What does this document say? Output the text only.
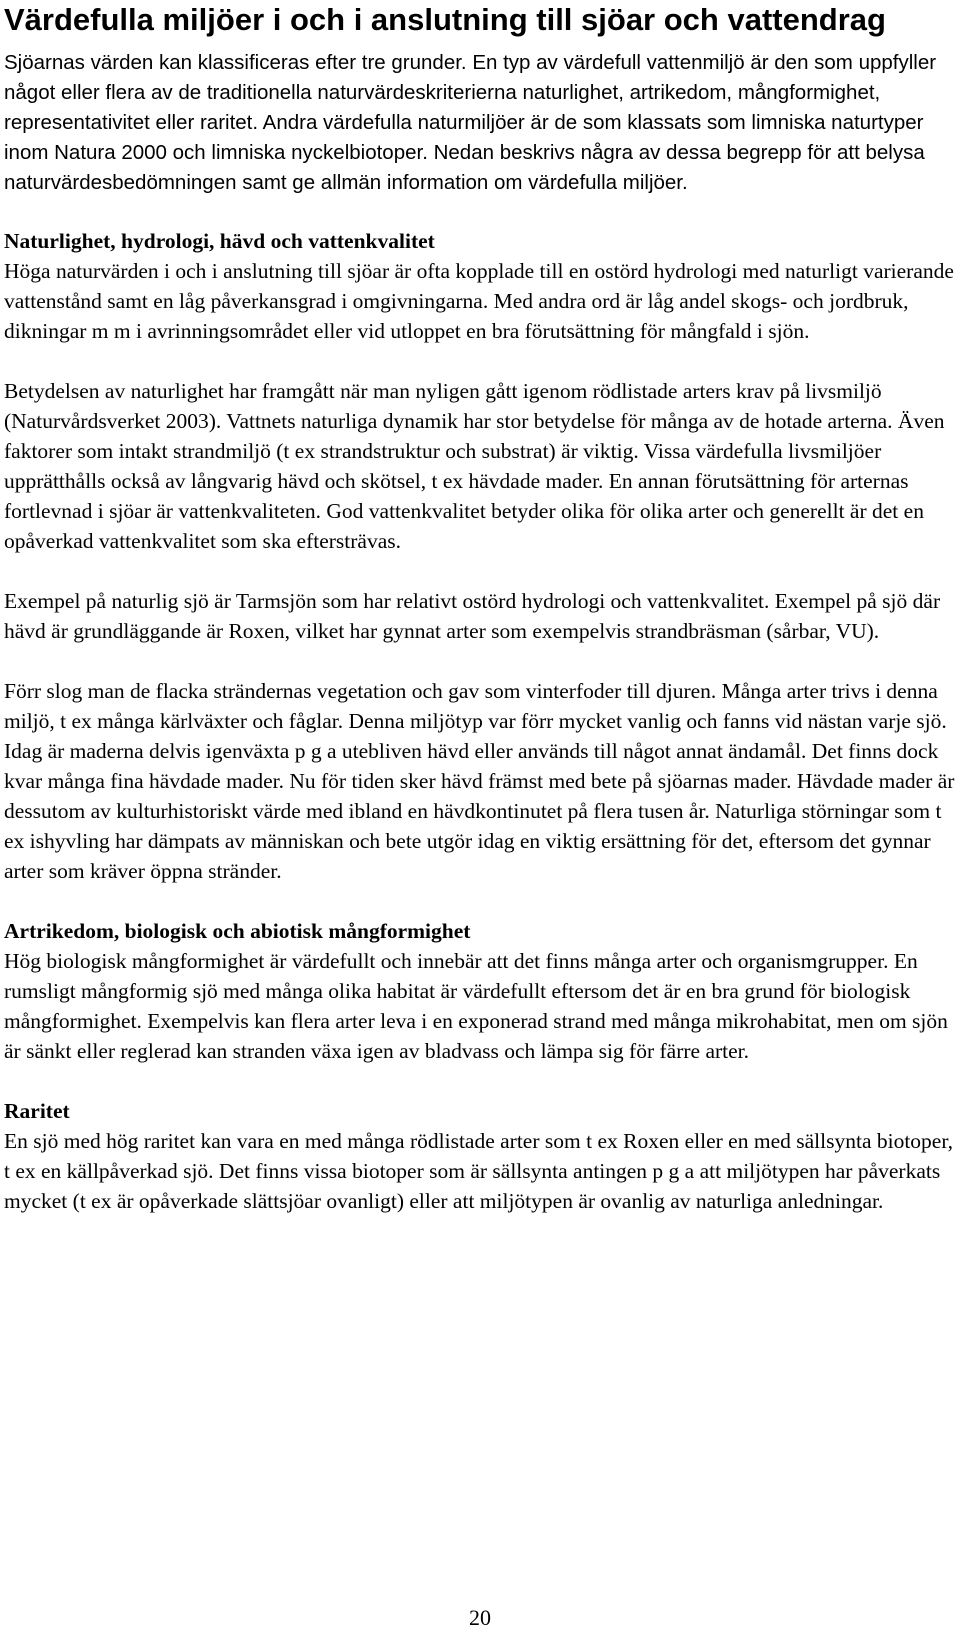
Värdefulla miljöer i och i anslutning till sjöar och vattendrag

Sjöarnas värden kan klassificeras efter tre grunder. En typ av värdefull vattenmiljö är den som uppfyller något eller flera av de traditionella naturvärdeskriterierna naturlighet, artrikedom, mångformighet, representativitet eller raritet. Andra värdefulla naturmiljöer är de som klassats som limniska naturtyper inom Natura 2000 och limniska nyckelbiotoper. Nedan beskrivs några av dessa begrepp för att belysa naturvärdesbedömningen samt ge allmän information om värdefulla miljöer.

Naturlighet, hydrologi, hävd och vattenkvalitet

Höga naturvärden i och i anslutning till sjöar är ofta kopplade till en ostörd hydrologi med naturligt varierande vattenstånd samt en låg påverkansgrad i omgivningarna. Med andra ord är låg andel skogs- och jordbruk, dikningar m m i avrinningsområdet eller vid utloppet en bra förutsättning för mångfald i sjön.

Betydelsen av naturlighet har framgått när man nyligen gått igenom rödlistade arters krav på livsmiljö (Naturvårdsverket 2003). Vattnets naturliga dynamik har stor betydelse för många av de hotade arterna. Även faktorer som intakt strandmiljö (t ex strandstruktur och substrat) är viktig. Vissa värdefulla livsmiljöer upprätthålls också av långvarig hävd och skötsel, t ex hävdade mader. En annan förutsättning för arternas fortlevnad i sjöar är vattenkvaliteten. God vattenkvalitet betyder olika för olika arter och generellt är det en opåverkad vattenkvalitet som ska eftersträvas.

Exempel på naturlig sjö är Tarmsjön som har relativt ostörd hydrologi och vattenkvalitet. Exempel på sjö där hävd är grundläggande är Roxen, vilket har gynnat arter som exempelvis strandbräsman (sårbar, VU).

Förr slog man de flacka strändernas vegetation och gav som vinterfoder till djuren. Många arter trivs i denna miljö, t ex många kärlväxter och fåglar. Denna miljötyp var förr mycket vanlig och fanns vid nästan varje sjö. Idag är maderna delvis igenväxta p g a utebliven hävd eller används till något annat ändamål. Det finns dock kvar många fina hävdade mader. Nu för tiden sker hävd främst med bete på sjöarnas mader. Hävdade mader är dessutom av kulturhistoriskt värde med ibland en hävdkontinutet på flera tusen år. Naturliga störningar som t ex ishyvling har dämpats av människan och bete utgör idag en viktig ersättning för det, eftersom det gynnar arter som kräver öppna stränder.

Artrikedom, biologisk och abiotisk mångformighet

Hög biologisk mångformighet är värdefullt och innebär att det finns många arter och organismgrupper. En rumsligt mångformig sjö med många olika habitat är värdefullt eftersom det är en bra grund för biologisk mångformighet. Exempelvis kan flera arter leva i en exponerad strand med många mikrohabitat, men om sjön är sänkt eller reglerad kan stranden växa igen av bladvass och lämpa sig för färre arter.

Raritet

En sjö med hög raritet kan vara en med många rödlistade arter som t ex Roxen eller en med sällsynta biotoper, t ex en källpåverkad sjö. Det finns vissa biotoper som är sällsynta antingen p g a att miljötypen har påverkats mycket (t ex är opåverkade slättsjöar ovanligt) eller att miljötypen är ovanlig av naturliga anledningar.

20
